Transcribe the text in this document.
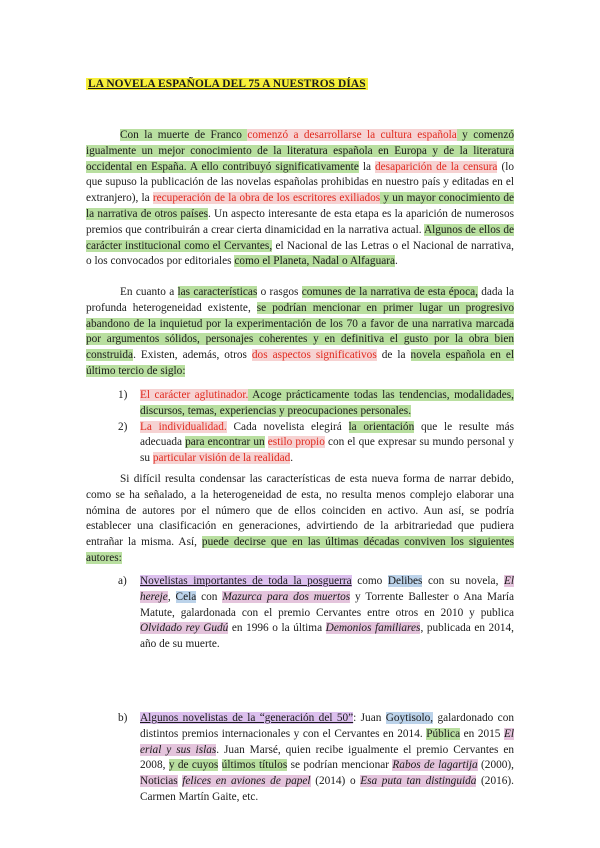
LA NOVELA ESPAÑOLA DEL 75 A NUESTROS DÍAS
Con la muerte de Franco comenzó a desarrollarse la cultura española y comenzó igualmente un mejor conocimiento de la literatura española en Europa y de la literatura occidental en España. A ello contribuyó significativamente la desaparición de la censura (lo que supuso la publicación de las novelas españolas prohibidas en nuestro país y editadas en el extranjero), la recuperación de la obra de los escritores exiliados y un mayor conocimiento de la narrativa de otros países. Un aspecto interesante de esta etapa es la aparición de numerosos premios que contribuirán a crear cierta dinamicidad en la narrativa actual. Algunos de ellos de carácter institucional como el Cervantes, el Nacional de las Letras o el Nacional de narrativa, o los convocados por editoriales como el Planeta, Nadal o Alfaguara.
En cuanto a las características o rasgos comunes de la narrativa de esta época, dada la profunda heterogeneidad existente, se podrían mencionar en primer lugar un progresivo abandono de la inquietud por la experimentación de los 70 a favor de una narrativa marcada por argumentos sólidos, personajes coherentes y en definitiva el gusto por la obra bien construida. Existen, además, otros dos aspectos significativos de la novela española en el último tercio de siglo:
1) El carácter aglutinador. Acoge prácticamente todas las tendencias, modalidades, discursos, temas, experiencias y preocupaciones personales.
2) La individualidad. Cada novelista elegirá la orientación que le resulte más adecuada para encontrar un estilo propio con el que expresar su mundo personal y su particular visión de la realidad.
Si difícil resulta condensar las características de esta nueva forma de narrar debido, como se ha señalado, a la heterogeneidad de esta, no resulta menos complejo elaborar una nómina de autores por el número que de ellos coinciden en activo. Aun así, se podría establecer una clasificación en generaciones, advirtiendo de la arbitrariedad que pudiera entrañar la misma. Así, puede decirse que en las últimas décadas conviven los siguientes autores:
a) Novelistas importantes de toda la posguerra como Delibes con su novela, El hereje, Cela con Mazurca para dos muertos y Torrente Ballester o Ana María Matute, galardonada con el premio Cervantes entre otros en 2010 y publica Olvidado rey Gudú en 1996 o la última Demonios familiares, publicada en 2014, año de su muerte.
b) Algunos novelistas de la “generación del 50”: Juan Goytisolo, galardonado con distintos premios internacionales y con el Cervantes en 2014. Pública en 2015 El erial y sus islas. Juan Marsé, quien recibe igualmente el premio Cervantes en 2008, y de cuyos últimos títulos se podrían mencionar Rabos de lagartija (2000), Noticias felices en aviones de papel (2014) o Esa puta tan distinguida (2016). Carmen Martín Gaite, etc.
